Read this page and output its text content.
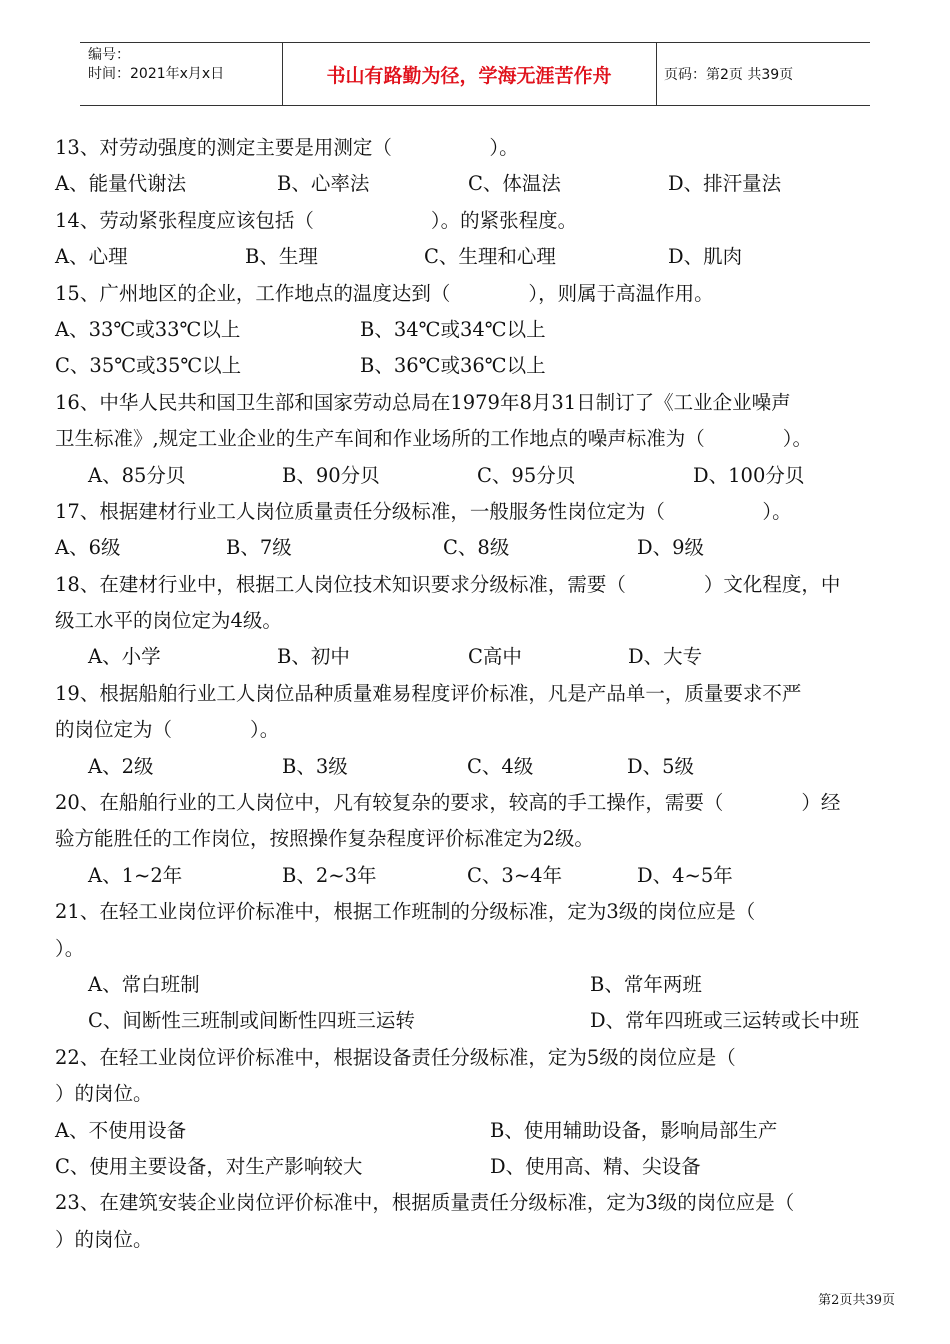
编号：
时间：2021年x月x日	书山有路勤为径，学海无涯苦作舟	页码：第2页 共39页
13、对劳动强度的测定主要是用测定（　　　　　）。
A、能量代谢法	B、心率法	C、体温法	D、排汗量法
14、劳动紧张程度应该包括（　　　　　　）。的紧张程度。
A、心理	B、生理	C、生理和心理	D、肌肉
15、广州地区的企业，工作地点的温度达到（　　　　），则属于高温作用。
A、33℃或33℃以上	B、34℃或34℃以上
C、35℃或35℃以上	B、36℃或36℃以上
16、中华人民共和国卫生部和国家劳动总局在1979年8月31日制订了《工业企业噪声
卫生标准》,规定工业企业的生产车间和作业场所的工作地点的噪声标准为（　　　　）。
A、85分贝	B、90分贝	C、95分贝	D、100分贝
17、根据建材行业工人岗位质量责任分级标准，一般服务性岗位定为（　　　　　）。
A、6级	B、7级	C、8级	D、9级
18、在建材行业中，根据工人岗位技术知识要求分级标准，需要（　　　　）文化程度，中
级工水平的岗位定为4级。
A、小学	B、初中	C高中	D、大专
19、根据船舶行业工人岗位品种质量难易程度评价标准，凡是产品单一，质量要求不严
的岗位定为（　　　　）。
A、2级	B、3级	C、4级	D、5级
20、在船舶行业的工人岗位中，凡有较复杂的要求，较高的手工操作，需要（　　　　）经
验方能胜任的工作岗位，按照操作复杂程度评价标准定为2级。
A、1~2年	B、2~3年	C、3~4年	D、4~5年
21、在轻工业岗位评价标准中，根据工作班制的分级标准，定为3级的岗位应是（
）。
A、常白班制	B、常年两班
C、间断性三班制或间断性四班三运转	D、常年四班或三运转或长中班
22、在轻工业岗位评价标准中，根据设备责任分级标准，定为5级的岗位应是（
）的岗位。
A、不使用设备	B、使用辅助设备，影响局部生产
C、使用主要设备，对生产影响较大	D、使用高、精、尖设备
23、在建筑安装企业岗位评价标准中，根据质量责任分级标准，定为3级的岗位应是（
）的岗位。
第2页共39页
